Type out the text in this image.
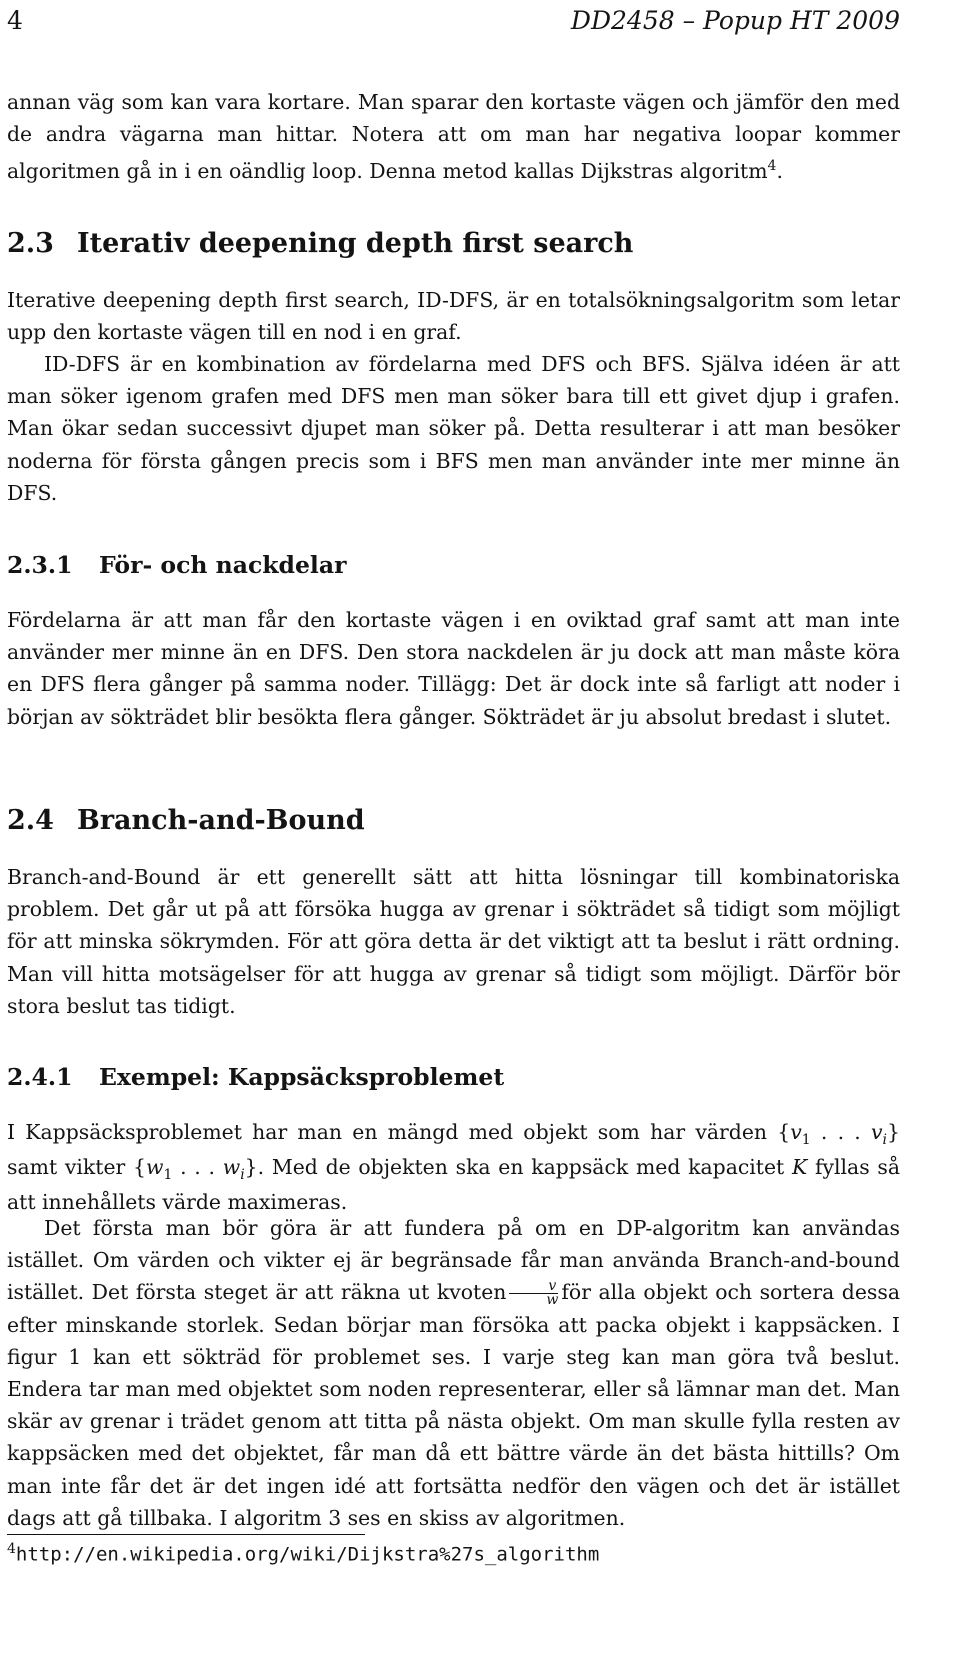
4	DD2458 – Popup HT 2009
annan väg som kan vara kortare. Man sparar den kortaste vägen och jämför den med de andra vägarna man hittar. Notera att om man har negativa loopar kommer algoritmen gå in i en oändlig loop. Denna metod kallas Dijkstras algoritm$^4$.
2.3 Iterativ deepening depth first search
Iterative deepening depth first search, ID-DFS, är en totalsökningsalgoritm som letar upp den kortaste vägen till en nod i en graf.
ID-DFS är en kombination av fördelarna med DFS och BFS. Själva idéen är att man söker igenom grafen med DFS men man söker bara till ett givet djup i grafen. Man ökar sedan successivt djupet man söker på. Detta resulterar i att man besöker noderna för första gången precis som i BFS men man använder inte mer minne än DFS.
2.3.1 För- och nackdelar
Fördelarna är att man får den kortaste vägen i en oviktad graf samt att man inte använder mer minne än en DFS. Den stora nackdelen är ju dock att man måste köra en DFS flera gånger på samma noder. Tillägg: Det är dock inte så farligt att noder i början av sökträdet blir besökta flera gånger. Sökträdet är ju absolut bredast i slutet.
2.4 Branch-and-Bound
Branch-and-Bound är ett generellt sätt att hitta lösningar till kombinatoriska problem. Det går ut på att försöka hugga av grenar i sökträdet så tidigt som möjligt för att minska sökrymden. För att göra detta är det viktigt att ta beslut i rätt ordning. Man vill hitta motsägelser för att hugga av grenar så tidigt som möjligt. Därför bör stora beslut tas tidigt.
2.4.1 Exempel: Kappsäcksproblemet
I Kappsäcksproblemet har man en mängd med objekt som har värden {$v_1$ . . . $v_i$} samt vikter {$w_1$ . . . $w_i$}. Med de objekten ska en kappsäck med kapacitet K fyllas så att innehållets värde maximeras.
Det första man bör göra är att fundera på om en DP-algoritm kan användas istället. Om värden och vikter ej är begränsade får man använda Branch-and-bound istället. Det första steget är att räkna ut kvoten $\frac{v}{w}$ för alla objekt och sortera dessa efter minskande storlek. Sedan börjar man försöka att packa objekt i kappsäcken. I figur 1 kan ett sökträd för problemet ses. I varje steg kan man göra två beslut. Endera tar man med objektet som noden representerar, eller så lämnar man det. Man skär av grenar i trädet genom att titta på nästa objekt. Om man skulle fylla resten av kappsäcken med det objektet, får man då ett bättre värde än det bästa hittills? Om man inte får det är det ingen idé att fortsätta nedför den vägen och det är istället dags att gå tillbaka. I algoritm 3 ses en skiss av algoritmen.
$^4$http://en.wikipedia.org/wiki/Dijkstra%27s_algorithm
